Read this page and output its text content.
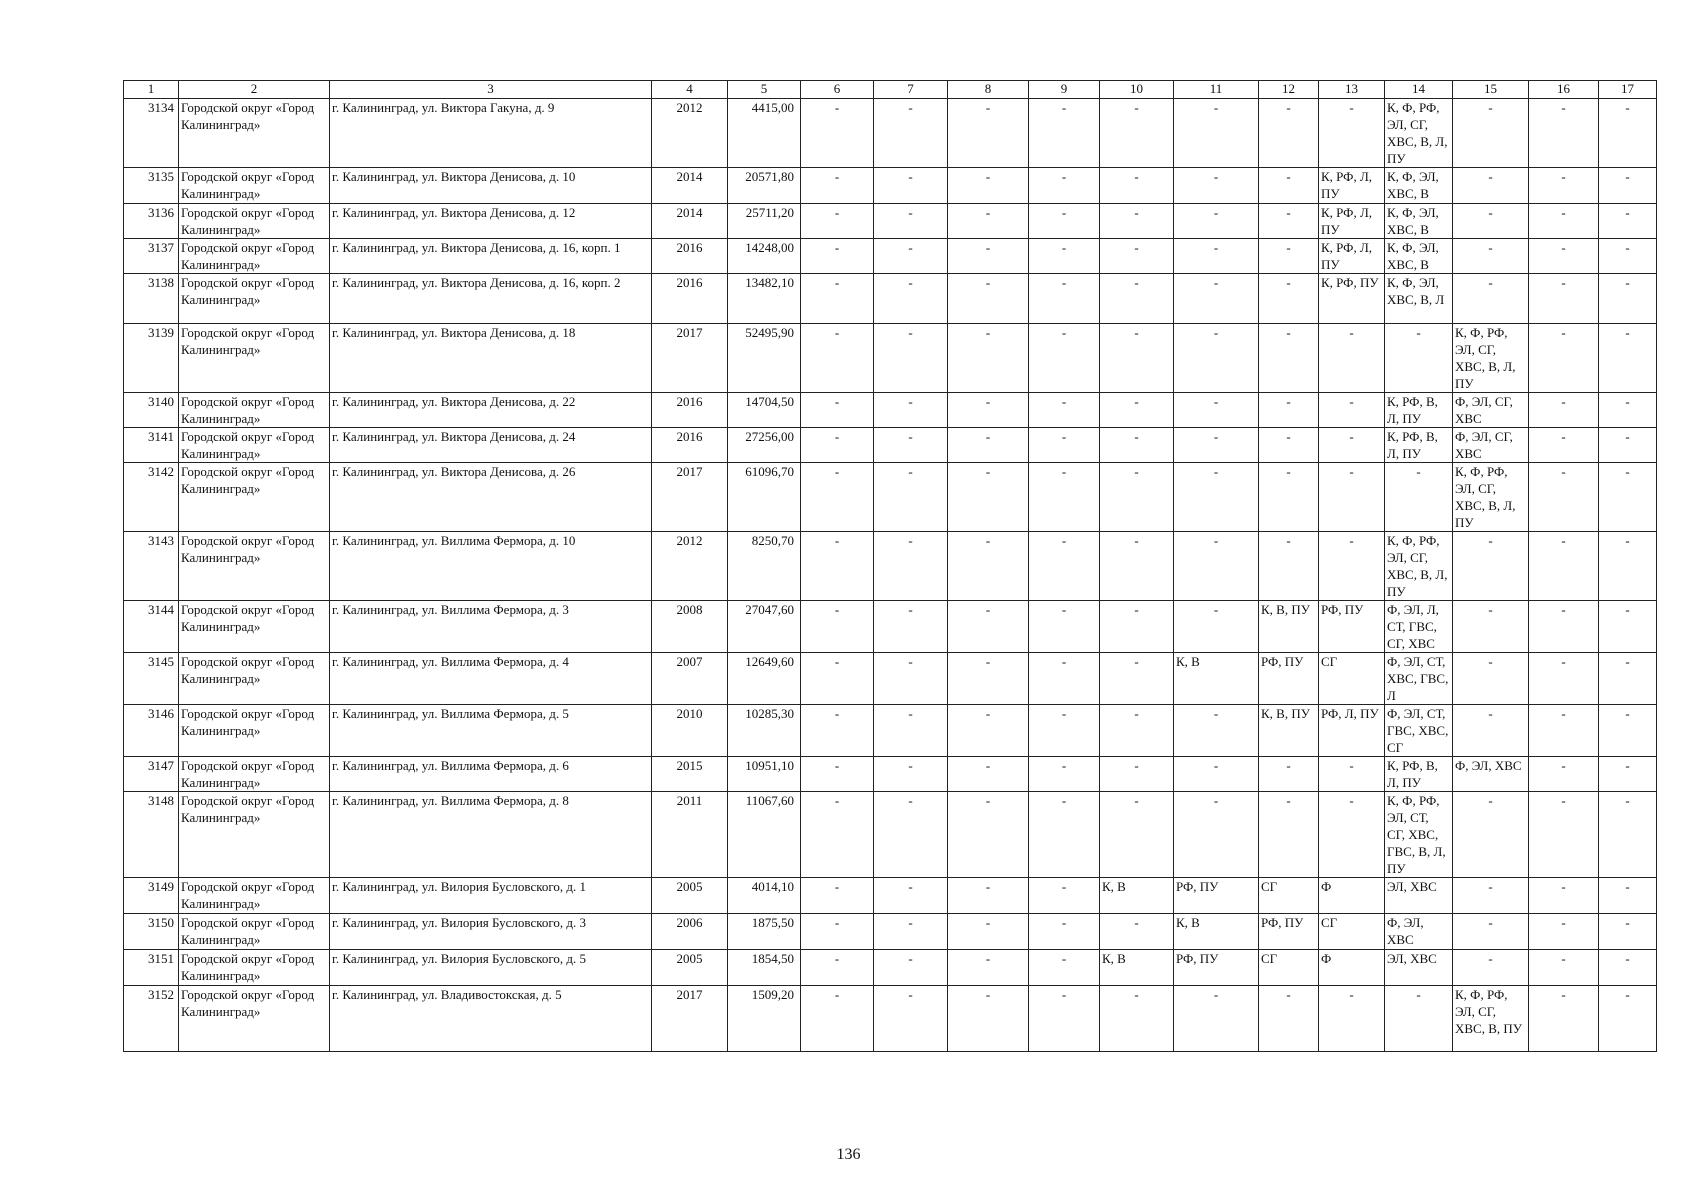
1	2	3	4	5	6	7	8	9	10	11	12	13	14	15	16	17
3134	Городской округ «Город Калининград»	г. Калининград, ул. Виктора Гакуна, д. 9	2012	4415,00	-	-	-	-	-	-	-	-	К, Ф, РФ, ЭЛ, СГ, ХВС, В, Л, ПУ	-	-	-
3135	Городской округ «Город Калининград»	г. Калининград, ул. Виктора Денисова, д. 10	2014	20571,80	-	-	-	-	-	-	-	К, РФ, Л, ПУ	К, Ф, ЭЛ, ХВС, В	-	-	-
3136	Городской округ «Город Калининград»	г. Калининград, ул. Виктора Денисова, д. 12	2014	25711,20	-	-	-	-	-	-	-	К, РФ, Л, ПУ	К, Ф, ЭЛ, ХВС, В	-	-	-
3137	Городской округ «Город Калининград»	г. Калининград, ул. Виктора Денисова, д. 16, корп. 1	2016	14248,00	-	-	-	-	-	-	-	К, РФ, Л, ПУ	К, Ф, ЭЛ, ХВС, В	-	-	-
3138	Городской округ «Город Калининград»	г. Калининград, ул. Виктора Денисова, д. 16, корп. 2	2016	13482,10	-	-	-	-	-	-	-	К, РФ, ПУ	К, Ф, ЭЛ, ХВС, В, Л	-	-	-
3139	Городской округ «Город Калининград»	г. Калининград, ул. Виктора Денисова, д. 18	2017	52495,90	-	-	-	-	-	-	-	-	-	К, Ф, РФ, ЭЛ, СГ, ХВС, В, Л, ПУ	-	-
3140	Городской округ «Город Калининград»	г. Калининград, ул. Виктора Денисова, д. 22	2016	14704,50	-	-	-	-	-	-	-	-	К, РФ, В, Л, ПУ	Ф, ЭЛ, СГ, ХВС	-	-
3141	Городской округ «Город Калининград»	г. Калининград, ул. Виктора Денисова, д. 24	2016	27256,00	-	-	-	-	-	-	-	-	К, РФ, В, Л, ПУ	Ф, ЭЛ, СГ, ХВС	-	-
3142	Городской округ «Город Калининград»	г. Калининград, ул. Виктора Денисова, д. 26	2017	61096,70	-	-	-	-	-	-	-	-	-	К, Ф, РФ, ЭЛ, СГ, ХВС, В, Л, ПУ	-	-
3143	Городской округ «Город Калининград»	г. Калининград, ул. Виллима Фермора, д. 10	2012	8250,70	-	-	-	-	-	-	-	-	К, Ф, РФ, ЭЛ, СГ, ХВС, В, Л, ПУ	-	-	-
3144	Городской округ «Город Калининград»	г. Калининград, ул. Виллима Фермора, д. 3	2008	27047,60	-	-	-	-	-	-	К, В, ПУ	РФ, ПУ	Ф, ЭЛ, Л, СТ, ГВС, СГ, ХВС	-	-	-
3145	Городской округ «Город Калининград»	г. Калининград, ул. Виллима Фермора, д. 4	2007	12649,60	-	-	-	-	-	К, В	РФ, ПУ	СГ	Ф, ЭЛ, СТ, ХВС, ГВС, Л	-	-	-
3146	Городской округ «Город Калининград»	г. Калининград, ул. Виллима Фермора, д. 5	2010	10285,30	-	-	-	-	-	-	К, В, ПУ	РФ, Л, ПУ	Ф, ЭЛ, СТ, ГВС, ХВС, СГ	-	-	-
3147	Городской округ «Город Калининград»	г. Калининград, ул. Виллима Фермора, д. 6	2015	10951,10	-	-	-	-	-	-	-	-	К, РФ, В, Л, ПУ	Ф, ЭЛ, ХВС	-	-
3148	Городской округ «Город Калининград»	г. Калининград, ул. Виллима Фермора, д. 8	2011	11067,60	-	-	-	-	-	-	-	-	К, Ф, РФ, ЭЛ, СТ, СГ, ХВС, ГВС, В, Л, ПУ	-	-	-
3149	Городской округ «Город Калининград»	г. Калининград, ул. Вилория Бусловского, д. 1	2005	4014,10	-	-	-	-	К, В	РФ, ПУ	СГ	Ф	ЭЛ, ХВС	-	-	-
3150	Городской округ «Город Калининград»	г. Калининград, ул. Вилория Бусловского, д. 3	2006	1875,50	-	-	-	-	-	К, В	РФ, ПУ	СГ	Ф, ЭЛ, ХВС	-	-	-
3151	Городской округ «Город Калининград»	г. Калининград, ул. Вилория Бусловского, д. 5	2005	1854,50	-	-	-	-	К, В	РФ, ПУ	СГ	Ф	ЭЛ, ХВС	-	-	-
3152	Городской округ «Город Калининград»	г. Калининград, ул. Владивостокская, д. 5	2017	1509,20	-	-	-	-	-	-	-	-	-	К, Ф, РФ, ЭЛ, СГ, ХВС, В, ПУ	-	-
136
